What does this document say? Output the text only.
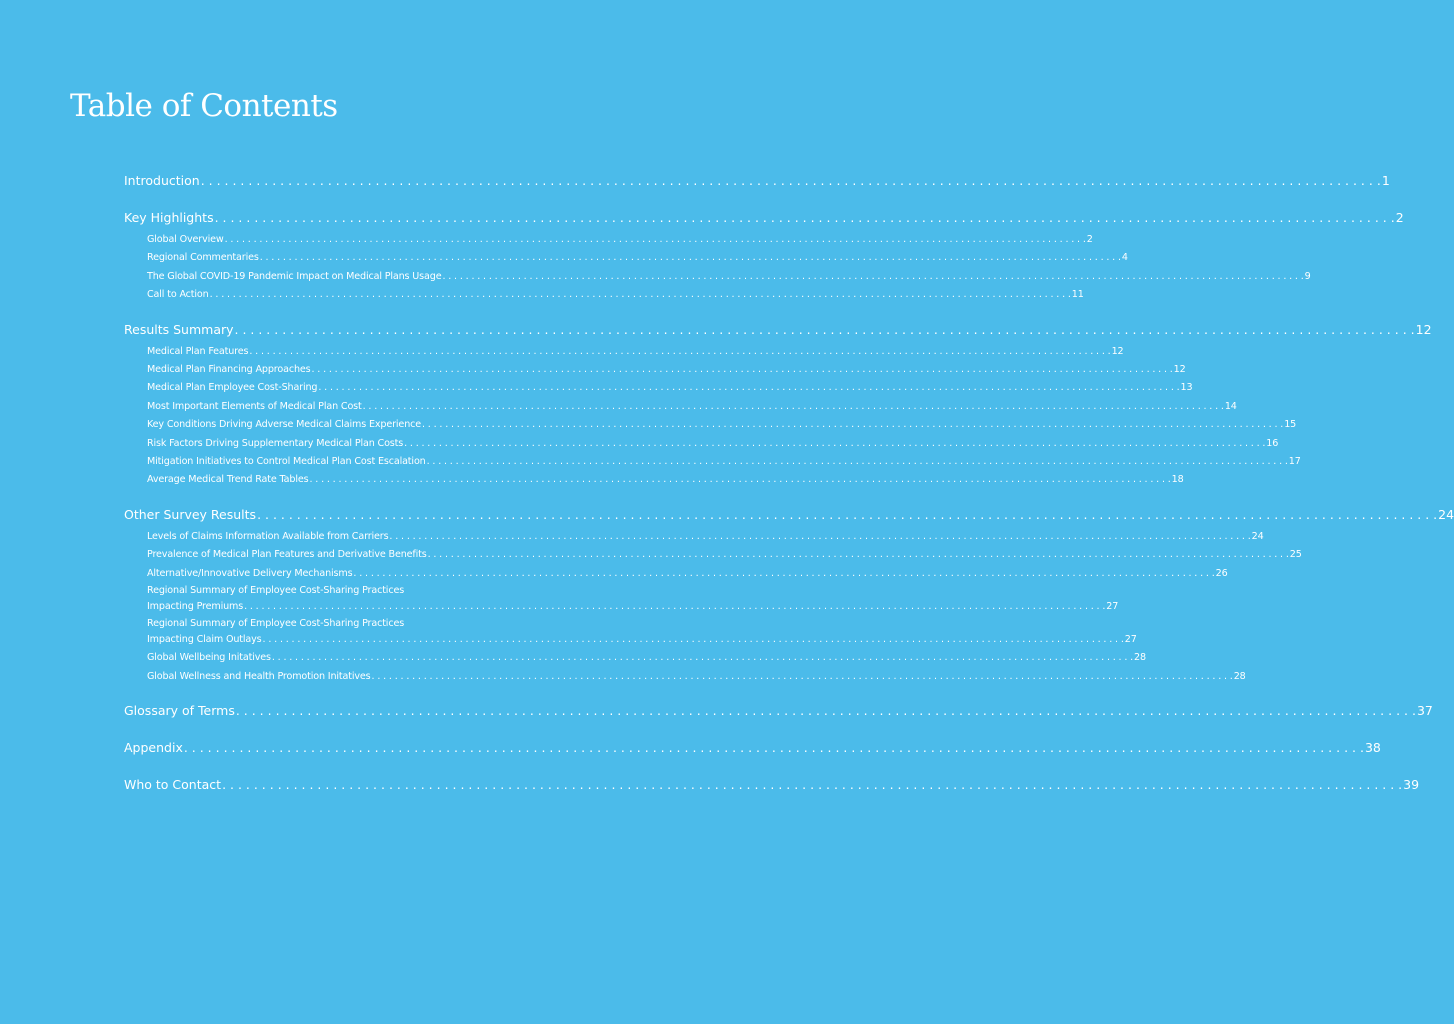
Table of Contents
Introduction . . .	1
Key Highlights . . .	2
Global Overview . . .	2
Regional Commentaries . . .	4
The Global COVID-19 Pandemic Impact on Medical Plans Usage . . .	9
Call to Action . . .	11
Results Summary . . .	12
Medical Plan Features . . .	12
Medical Plan Financing Approaches . . .	12
Medical Plan Employee Cost-Sharing . . .	13
Most Important Elements of Medical Plan Cost . . .	14
Key Conditions Driving Adverse Medical Claims Experience . . .	15
Risk Factors Driving Supplementary Medical Plan Costs . . .	16
Mitigation Initiatives to Control Medical Plan Cost Escalation . . .	17
Average Medical Trend Rate Tables . . .	18
Other Survey Results . . .	24
Levels of Claims Information Available from Carriers . . .	24
Prevalence of Medical Plan Features and Derivative Benefits . . .	25
Alternative/Innovative Delivery Mechanisms . . .	26
Regional Summary of Employee Cost-Sharing Practices
Impacting Premiums . . .	27
Regional Summary of Employee Cost-Sharing Practices
Impacting Claim Outlays . . .	27
Global Wellbeing Initatives . . .	28
Global Wellness and Health Promotion Initatives . . .	28
Glossary of Terms . . .	37
Appendix . . .	38
Who to Contact . . .	39
